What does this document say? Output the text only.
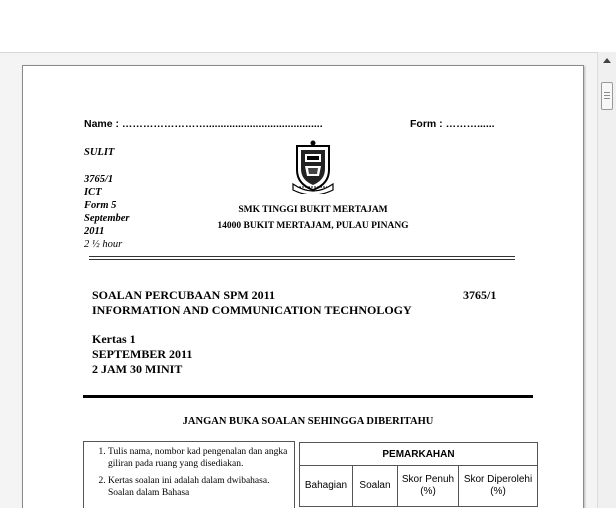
Name : ……………………........................................	Form : ………......
SULIT
3765/1
ICT
Form 5
September
2011
2 ½ hour
SMK TINGGI BUKIT MERTAJAM
14000 BUKIT MERTAJAM, PULAU PINANG
SOALAN PERCUBAAN SPM 2011
INFORMATION AND COMMUNICATION TECHNOLOGY
3765/1
Kertas 1
SEPTEMBER 2011
2 JAM 30 MINIT
JANGAN BUKA SOALAN SEHINGGA DIBERITAHU
1. Tulis nama, nombor kad pengenalan dan angka giliran pada ruang yang disediakan.
2. Kertas soalan ini adalah dalam dwibahasa. Soalan dalam Bahasa
PEMARKAHAN
Bahagian	Soalan	Skor Penuh (%)	Skor Diperolehi (%)
